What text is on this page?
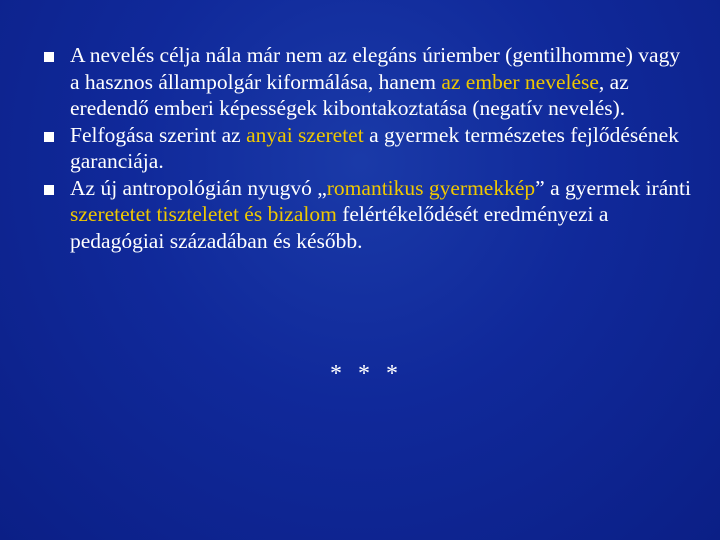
A nevelés célja nála már nem az elegáns úriember (gentilhomme) vagy a hasznos állampolgár kiformálása, hanem az ember nevelése, az eredendő emberi képességek kibontakoztatása (negatív nevelés).
Felfogása szerint az anyai szeretet a gyermek természetes fejlődésének garanciája.
Az új antropológián nyugvó „romantikus gyermekkép” a gyermek iránti szeretetet tiszteletet és bizalom felértékelődését eredményezi a pedagógiai századában és később.
* * *
